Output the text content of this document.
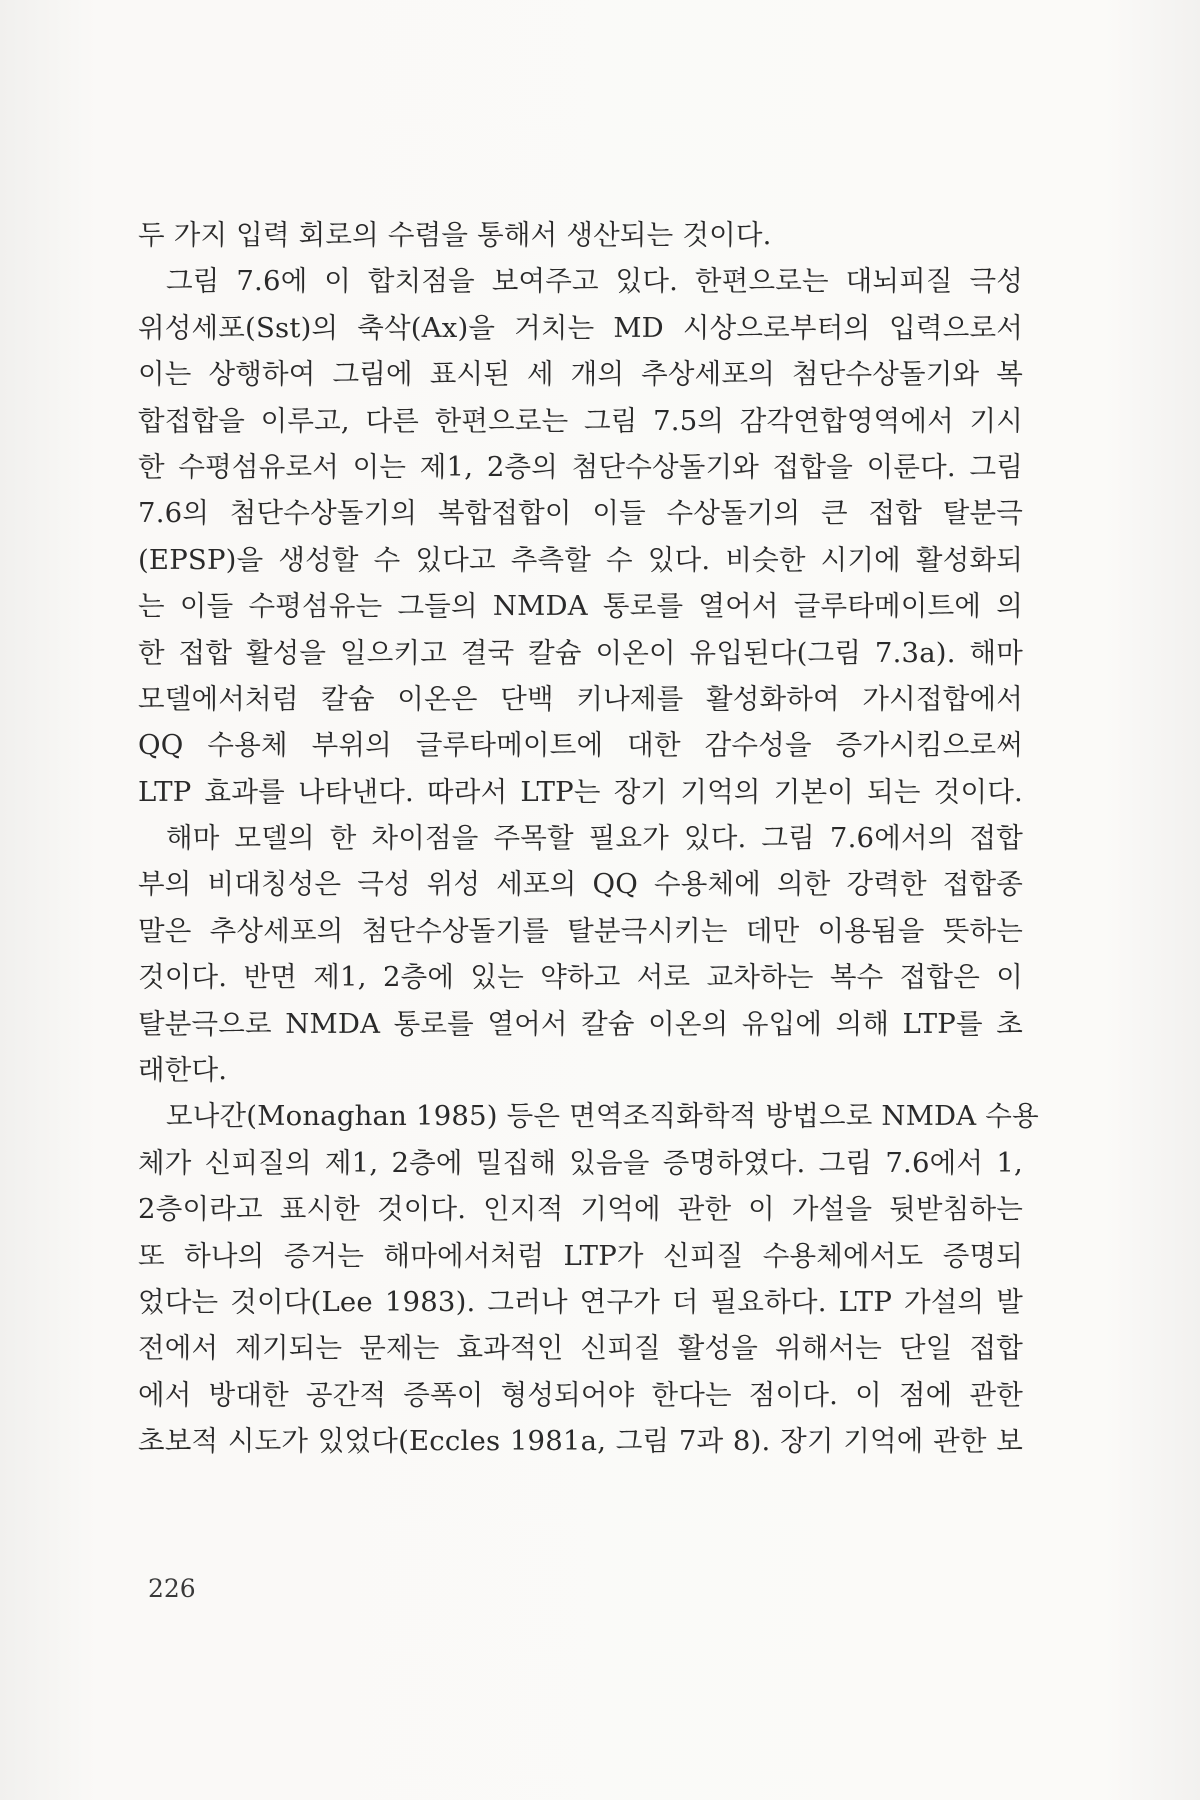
두 가지 입력 회로의 수렴을 통해서 생산되는 것이다.
그림 7.6에 이 합치점을 보여주고 있다. 한편으로는 대뇌피질 극성
위성세포(Sst)의 축삭(Ax)을 거치는 MD 시상으로부터의 입력으로서
이는 상행하여 그림에 표시된 세 개의 추상세포의 첨단수상돌기와 복
합접합을 이루고, 다른 한편으로는 그림 7.5의 감각연합영역에서 기시
한 수평섬유로서 이는 제1, 2층의 첨단수상돌기와 접합을 이룬다. 그림
7.6의 첨단수상돌기의 복합접합이 이들 수상돌기의 큰 접합 탈분극
(EPSP)을 생성할 수 있다고 추측할 수 있다. 비슷한 시기에 활성화되
는 이들 수평섬유는 그들의 NMDA 통로를 열어서 글루타메이트에 의
한 접합 활성을 일으키고 결국 칼슘 이온이 유입된다(그림 7.3a). 해마
모델에서처럼 칼슘 이온은 단백 키나제를 활성화하여 가시접합에서
QQ 수용체 부위의 글루타메이트에 대한 감수성을 증가시킴으로써
LTP 효과를 나타낸다. 따라서 LTP는 장기 기억의 기본이 되는 것이다.
해마 모델의 한 차이점을 주목할 필요가 있다. 그림 7.6에서의 접합
부의 비대칭성은 극성 위성 세포의 QQ 수용체에 의한 강력한 접합종
말은 추상세포의 첨단수상돌기를 탈분극시키는 데만 이용됨을 뜻하는
것이다. 반면 제1, 2층에 있는 약하고 서로 교차하는 복수 접합은 이
탈분극으로 NMDA 통로를 열어서 칼슘 이온의 유입에 의해 LTP를 초
래한다.
모나간(Monaghan 1985) 등은 면역조직화학적 방법으로 NMDA 수용
체가 신피질의 제1, 2층에 밀집해 있음을 증명하였다. 그림 7.6에서 1,
2층이라고 표시한 것이다. 인지적 기억에 관한 이 가설을 뒷받침하는
또 하나의 증거는 해마에서처럼 LTP가 신피질 수용체에서도 증명되
었다는 것이다(Lee 1983). 그러나 연구가 더 필요하다. LTP 가설의 발
전에서 제기되는 문제는 효과적인 신피질 활성을 위해서는 단일 접합
에서 방대한 공간적 증폭이 형성되어야 한다는 점이다. 이 점에 관한
초보적 시도가 있었다(Eccles 1981a, 그림 7과 8). 장기 기억에 관한 보
226
